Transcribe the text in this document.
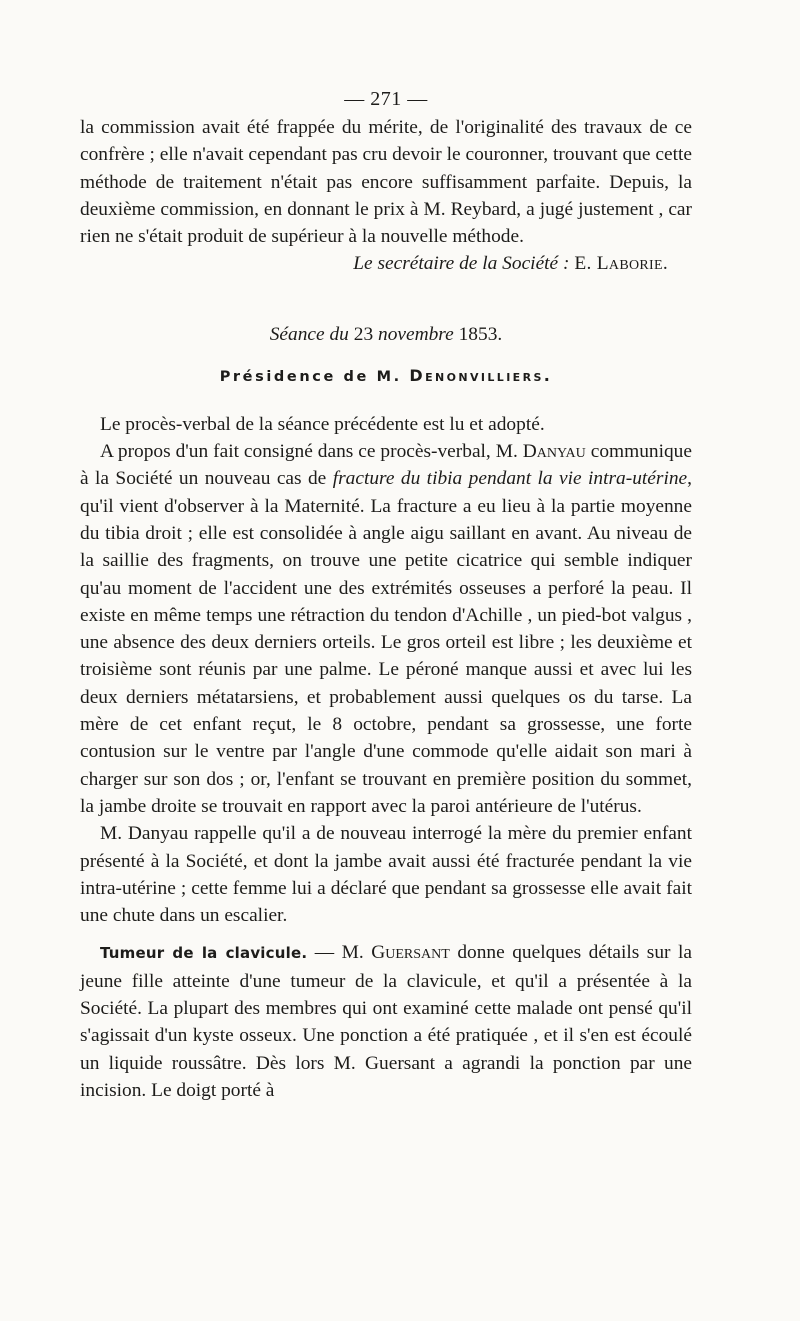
— 271 —

la commission avait été frappée du mérite, de l'originalité des travaux de ce confrère ; elle n'avait cependant pas cru devoir le couronner, trouvant que cette méthode de traitement n'était pas encore suffisamment parfaite. Depuis, la deuxième commission, en donnant le prix à M. Reybard, a jugé justement , car rien ne s'était produit de supérieur à la nouvelle méthode.

Le secrétaire de la Société : E. Laborie.

Séance du 23 novembre 1853.

Présidence de M. Denonvilliers.

Le procès-verbal de la séance précédente est lu et adopté.

A propos d'un fait consigné dans ce procès-verbal, M. Danyau communique à la Société un nouveau cas de fracture du tibia pendant la vie intra-utérine, qu'il vient d'observer à la Maternité. La fracture a eu lieu à la partie moyenne du tibia droit ; elle est consolidée à angle aigu saillant en avant. Au niveau de la saillie des fragments, on trouve une petite cicatrice qui semble indiquer qu'au moment de l'accident une des extrémités osseuses a perforé la peau. Il existe en même temps une rétraction du tendon d'Achille , un pied-bot valgus , une absence des deux derniers orteils. Le gros orteil est libre ; les deuxième et troisième sont réunis par une palme. Le péroné manque aussi et avec lui les deux derniers métatarsiens, et probablement aussi quelques os du tarse. La mère de cet enfant reçut, le 8 octobre, pendant sa grossesse, une forte contusion sur le ventre par l'angle d'une commode qu'elle aidait son mari à charger sur son dos ; or, l'enfant se trouvant en première position du sommet, la jambe droite se trouvait en rapport avec la paroi antérieure de l'utérus.

M. Danyau rappelle qu'il a de nouveau interrogé la mère du premier enfant présenté à la Société, et dont la jambe avait aussi été fracturée pendant la vie intra-utérine ; cette femme lui a déclaré que pendant sa grossesse elle avait fait une chute dans un escalier.

Tumeur de la clavicule. — M. Guersant donne quelques détails sur la jeune fille atteinte d'une tumeur de la clavicule, et qu'il a présentée à la Société. La plupart des membres qui ont examiné cette malade ont pensé qu'il s'agissait d'un kyste osseux. Une ponction a été pratiquée , et il s'en est écoulé un liquide roussâtre. Dès lors M. Guersant a agrandi la ponction par une incision. Le doigt porté à
